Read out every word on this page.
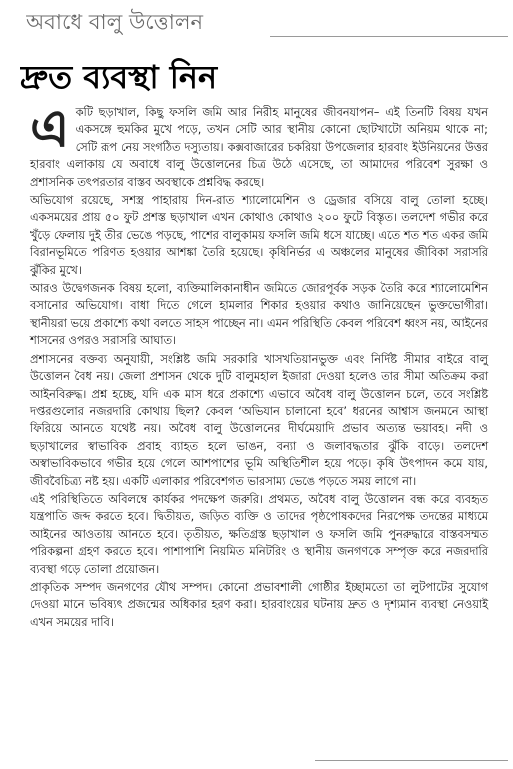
অবাধে বালু উত্তোলন
দ্রুত ব্যবস্থা নিন

এ কটি ছড়াখাল, কিছু ফসলি জমি আর নিরীহ মানুষের জীবনযাপন– এই তিনটি বিষয় যখন একসঙ্গে হুমকির মুখে পড়ে, তখন সেটি আর স্থানীয় কোনো ছোটখাটো অনিয়ম থাকে না; সেটি রূপ নেয় সংগঠিত দস্যুতায়। কক্সবাজারের চকরিয়া উপজেলার হারবাং ইউনিয়নের উত্তর হারবাং এলাকায় যে অবাধে বালু উত্তোলনের চিত্র উঠে এসেছে, তা আমাদের পরিবেশ সুরক্ষা ও প্রশাসনিক তৎপরতার বাস্তব অবস্থাকে প্রশ্নবিদ্ধ করছে।

অভিযোগ রয়েছে, সশস্ত্র পাহারায় দিন-রাত শ্যালোমেশিন ও ড্রেজার বসিয়ে বালু তোলা হচ্ছে। একসময়ের প্রায় ৫০ ফুট প্রশস্ত ছড়াখাল এখন কোথাও কোথাও ২০০ ফুটে বিস্তৃত। তলদেশ গভীর করে খুঁড়ে ফেলায় দুই তীর ভেঙে পড়ছে, পাশের বালুকাময় ফসলি জমি ধসে যাচ্ছে। এতে শত শত একর জমি বিরানভূমিতে পরিণত হওয়ার আশঙ্কা তৈরি হয়েছে। কৃষিনির্ভর এ অঞ্চলের মানুষের জীবিকা সরাসরি ঝুঁকির মুখে।

আরও উদ্বেগজনক বিষয় হলো, ব্যক্তিমালিকানাধীন জমিতে জোরপূর্বক সড়ক তৈরি করে শ্যালোমেশিন বসানোর অভিযোগ। বাধা দিতে গেলে হামলার শিকার হওয়ার কথাও জানিয়েছেন ভুক্তভোগীরা। স্থানীয়রা ভয়ে প্রকাশ্যে কথা বলতে সাহস পাচ্ছেন না। এমন পরিস্থিতি কেবল পরিবেশ ধ্বংস নয়, আইনের শাসনের ওপরও সরাসরি আঘাত।

প্রশাসনের বক্তব্য অনুযায়ী, সংশ্লিষ্ট জমি সরকারি খাসখতিয়ানভুক্ত এবং নির্দিষ্ট সীমার বাইরে বালু উত্তোলন বৈধ নয়। জেলা প্রশাসন থেকে দুটি বালুমহাল ইজারা দেওয়া হলেও তার সীমা অতিক্রম করা আইনবিরুদ্ধ। প্রশ্ন হচ্ছে, যদি এক মাস ধরে প্রকাশ্যে এভাবে অবৈধ বালু উত্তোলন চলে, তবে সংশ্লিষ্ট দপ্তরগুলোর নজরদারি কোথায় ছিল? কেবল ‘অভিযান চালানো হবে’ ধরনের আশ্বাস জনমনে আস্থা ফিরিয়ে আনতে যথেষ্ট নয়। অবৈধ বালু উত্তোলনের দীর্ঘমেয়াদি প্রভাব অত্যন্ত ভয়াবহ। নদী ও ছড়াখালের স্বাভাবিক প্রবাহ ব্যাহত হলে ভাঙন, বন্যা ও জলাবদ্ধতার ঝুঁকি বাড়ে। তলদেশ অস্বাভাবিকভাবে গভীর হয়ে গেলে আশপাশের ভূমি অস্থিতিশীল হয়ে পড়ে। কৃষি উৎপাদন কমে যায়, জীববৈচিত্র্য নষ্ট হয়। একটি এলাকার পরিবেশগত ভারসাম্য ভেঙে পড়তে সময় লাগে না।

এই পরিস্থিতিতে অবিলম্বে কার্যকর পদক্ষেপ জরুরি। প্রথমত, অবৈধ বালু উত্তোলন বন্ধ করে ব্যবহৃত যন্ত্রপাতি জব্দ করতে হবে। দ্বিতীয়ত, জড়িত ব্যক্তি ও তাদের পৃষ্ঠপোষকদের নিরপেক্ষ তদন্তের মাধ্যমে আইনের আওতায় আনতে হবে। তৃতীয়ত, ক্ষতিগ্রস্ত ছড়াখাল ও ফসলি জমি পুনরুদ্ধারে বাস্তবসম্মত পরিকল্পনা গ্রহণ করতে হবে। পাশাপাশি নিয়মিত মনিটরিং ও স্থানীয় জনগণকে সম্পৃক্ত করে নজরদারি ব্যবস্থা গড়ে তোলা প্রয়োজন।

প্রাকৃতিক সম্পদ জনগণের যৌথ সম্পদ। কোনো প্রভাবশালী গোষ্ঠীর ইচ্ছামতো তা লুটপাটের সুযোগ দেওয়া মানে ভবিষ্যৎ প্রজন্মের অধিকার হরণ করা। হারবাংয়ের ঘটনায় দ্রুত ও দৃশ্যমান ব্যবস্থা নেওয়াই এখন সময়ের দাবি।
